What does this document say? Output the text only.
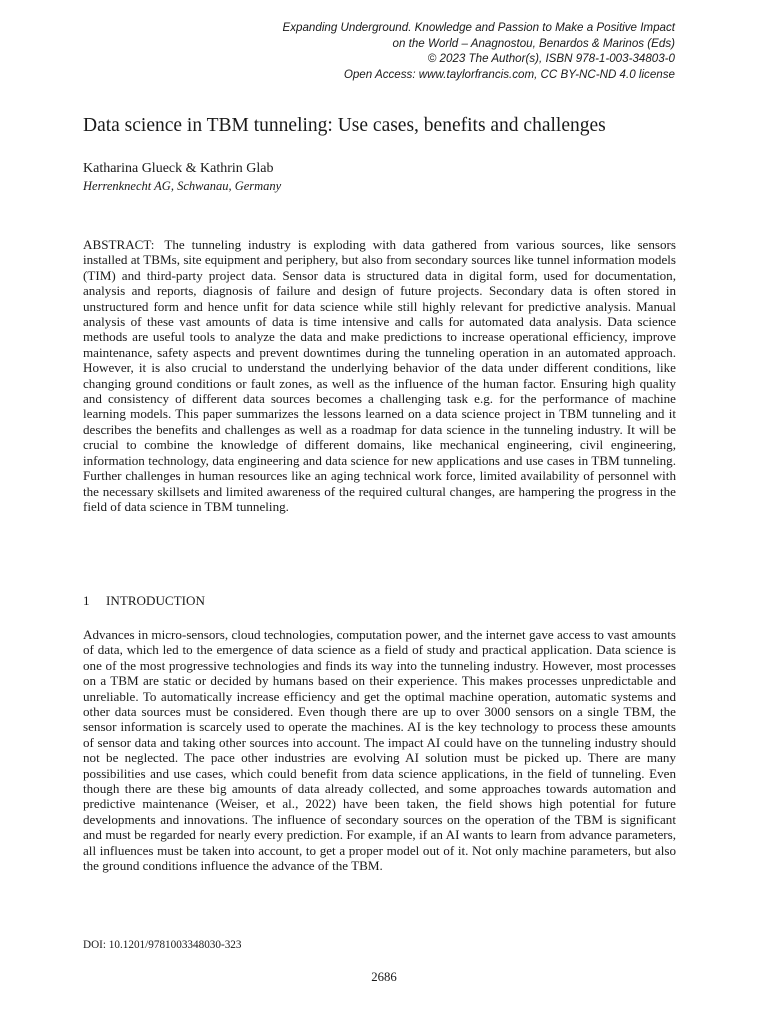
Expanding Underground. Knowledge and Passion to Make a Positive Impact
on the World – Anagnostou, Benardos & Marinos (Eds)
© 2023 The Author(s), ISBN 978-1-003-34803-0
Open Access: www.taylorfrancis.com, CC BY-NC-ND 4.0 license
Data science in TBM tunneling: Use cases, benefits and challenges
Katharina Glueck & Kathrin Glab
Herrenknecht AG, Schwanau, Germany
ABSTRACT: The tunneling industry is exploding with data gathered from various sources, like sensors installed at TBMs, site equipment and periphery, but also from secondary sources like tunnel information models (TIM) and third-party project data. Sensor data is structured data in digital form, used for documentation, analysis and reports, diagnosis of failure and design of future projects. Secondary data is often stored in unstructured form and hence unfit for data science while still highly relevant for predictive analysis. Manual analysis of these vast amounts of data is time intensive and calls for automated data analysis. Data science methods are useful tools to analyze the data and make predictions to increase operational efficiency, improve maintenance, safety aspects and prevent downtimes during the tunneling operation in an automated approach. However, it is also crucial to understand the underlying behavior of the data under different conditions, like changing ground conditions or fault zones, as well as the influence of the human factor. Ensuring high quality and consistency of different data sources becomes a challenging task e.g. for the performance of machine learning models. This paper summarizes the lessons learned on a data science project in TBM tunneling and it describes the benefits and challenges as well as a roadmap for data science in the tunneling industry. It will be crucial to combine the knowledge of different domains, like mechanical engineering, civil engineering, information technology, data engineering and data science for new applications and use cases in TBM tunneling. Further challenges in human resources like an aging technical work force, limited availability of personnel with the necessary skillsets and limited awareness of the required cultural changes, are hampering the progress in the field of data science in TBM tunneling.
1 INTRODUCTION
Advances in micro-sensors, cloud technologies, computation power, and the internet gave access to vast amounts of data, which led to the emergence of data science as a field of study and practical application. Data science is one of the most progressive technologies and finds its way into the tunneling industry. However, most processes on a TBM are static or decided by humans based on their experience. This makes processes unpredictable and unreliable. To automatically increase efficiency and get the optimal machine operation, automatic systems and other data sources must be considered. Even though there are up to over 3000 sensors on a single TBM, the sensor information is scarcely used to operate the machines. AI is the key technology to process these amounts of sensor data and taking other sources into account. The impact AI could have on the tunneling industry should not be neglected. The pace other industries are evolving AI solution must be picked up. There are many possibilities and use cases, which could benefit from data science applications, in the field of tunneling. Even though there are these big amounts of data already collected, and some approaches towards automation and predictive maintenance (Weiser, et al., 2022) have been taken, the field shows high potential for future developments and innovations. The influence of secondary sources on the operation of the TBM is significant and must be regarded for nearly every prediction. For example, if an AI wants to learn from advance parameters, all influences must be taken into account, to get a proper model out of it. Not only machine parameters, but also the ground conditions influence the advance of the TBM.
DOI: 10.1201/9781003348030-323
2686
